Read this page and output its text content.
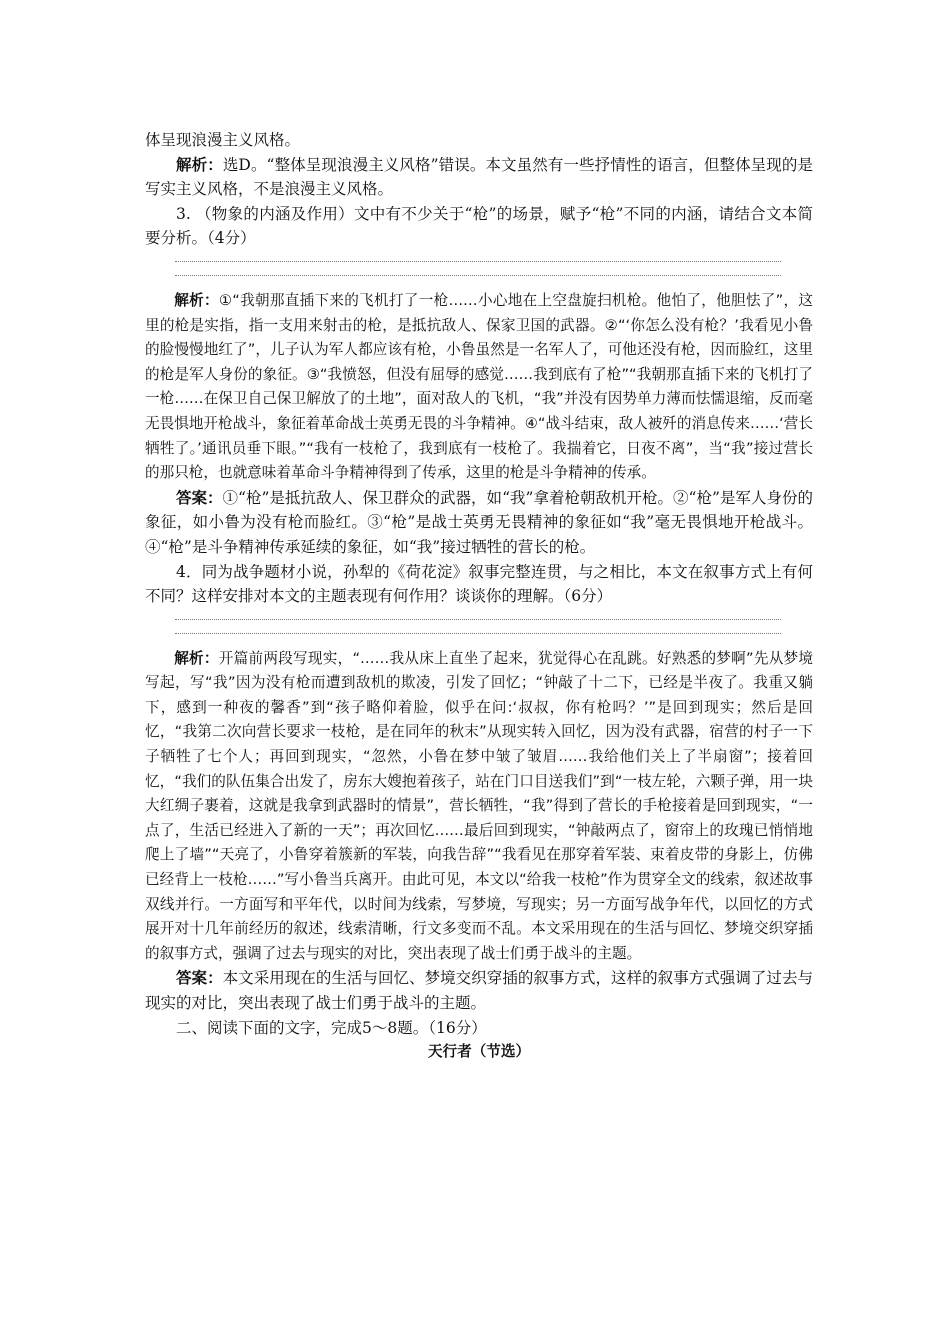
体呈现浪漫主义风格。

解析：选D。“整体呈现浪漫主义风格”错误。本文虽然有一些抒情性的语言，但整体呈现的是写实主义风格，不是浪漫主义风格。

3. （物象的内涵及作用）文中有不少关于“枪”的场景，赋予“枪”不同的内涵，请结合文本简要分析。（4分）

解析：①“我朝那直插下来的飞机打了一枪……小心地在上空盘旋扫机枪。他怕了，他胆怯了”，这里的枪是实指，指一支用来射击的枪，是抵抗敌人、保家卫国的武器。②“‘你怎么没有枪？’我看见小鲁的脸慢慢地红了”，儿子认为军人都应该有枪，小鲁虽然是一名军人了，可他还没有枪，因而脸红，这里的枪是军人身份的象征。③“我愤怒，但没有屈辱的感觉……我到底有了枪”“我朝那直插下来的飞机打了一枪……在保卫自己保卫解放了的土地”，面对敌人的飞机，“我”并没有因势单力薄而怯懦退缩，反而毫无畏惧地开枪战斗，象征着革命战士英勇无畏的斗争精神。④“战斗结束，敌人被歼的消息传来……‘营长牺牲了。’通讯员垂下眼。”“我有一枝枪了，我到底有一枝枪了。我揣着它，日夜不离”，当“我”接过营长的那只枪，也就意味着革命斗争精神得到了传承，这里的枪是斗争精神的传承。

答案：①“枪”是抵抗敌人、保卫群众的武器，如“我”拿着枪朝敌机开枪。②“枪”是军人身份的象征，如小鲁为没有枪而脸红。③“枪”是战士英勇无畏精神的象征如“我”毫无畏惧地开枪战斗。④“枪”是斗争精神传承延续的象征，如“我”接过牺牲的营长的枪。

4．同为战争题材小说，孙犁的《荷花淀》叙事完整连贯，与之相比，本文在叙事方式上有何不同？这样安排对本文的主题表现有何作用？谈谈你的理解。（6分）

解析：开篇前两段写现实，“……我从床上直坐了起来，犹觉得心在乱跳。好熟悉的梦啊”先从梦境写起，写“我”因为没有枪而遭到敌机的欺凌，引发了回忆；“钟敲了十二下，已经是半夜了。我重又躺下，感到一种夜的馨香”到“孩子略仰着脸，似乎在问:‘叔叔，你有枪吗？’”是回到现实；然后是回忆，“我第二次向营长要求一枝枪，是在同年的秋末”从现实转入回忆，因为没有武器，宿营的村子一下子牺牲了七个人；再回到现实，“忽然，小鲁在梦中皱了皱眉……我给他们关上了半扇窗”；接着回忆，“我们的队伍集合出发了，房东大嫂抱着孩子，站在门口目送我们”到“一枝左轮，六颗子弹，用一块大红绸子裹着，这就是我拿到武器时的情景”，营长牺牲，“我”得到了营长的手枪接着是回到现实，“一点了，生活已经进入了新的一天”；再次回忆……最后回到现实，“钟敲两点了，窗帘上的玫瑰已悄悄地爬上了墙”“天亮了，小鲁穿着簇新的军装，向我告辞”“我看见在那穿着军装、束着皮带的身影上，仿佛已经背上一枝枪……”写小鲁当兵离开。由此可见，本文以“给我一枝枪”作为贯穿全文的线索，叙述故事双线并行。一方面写和平年代，以时间为线索，写梦境，写现实；另一方面写战争年代，以回忆的方式展开对十几年前经历的叙述，线索清晰，行文多变而不乱。本文采用现在的生活与回忆、梦境交织穿插的叙事方式，强调了过去与现实的对比，突出表现了战士们勇于战斗的主题。

答案：本文采用现在的生活与回忆、梦境交织穿插的叙事方式，这样的叙事方式强调了过去与现实的对比，突出表现了战士们勇于战斗的主题。

二、阅读下面的文字，完成5～8题。（16分）

天行者（节选）
